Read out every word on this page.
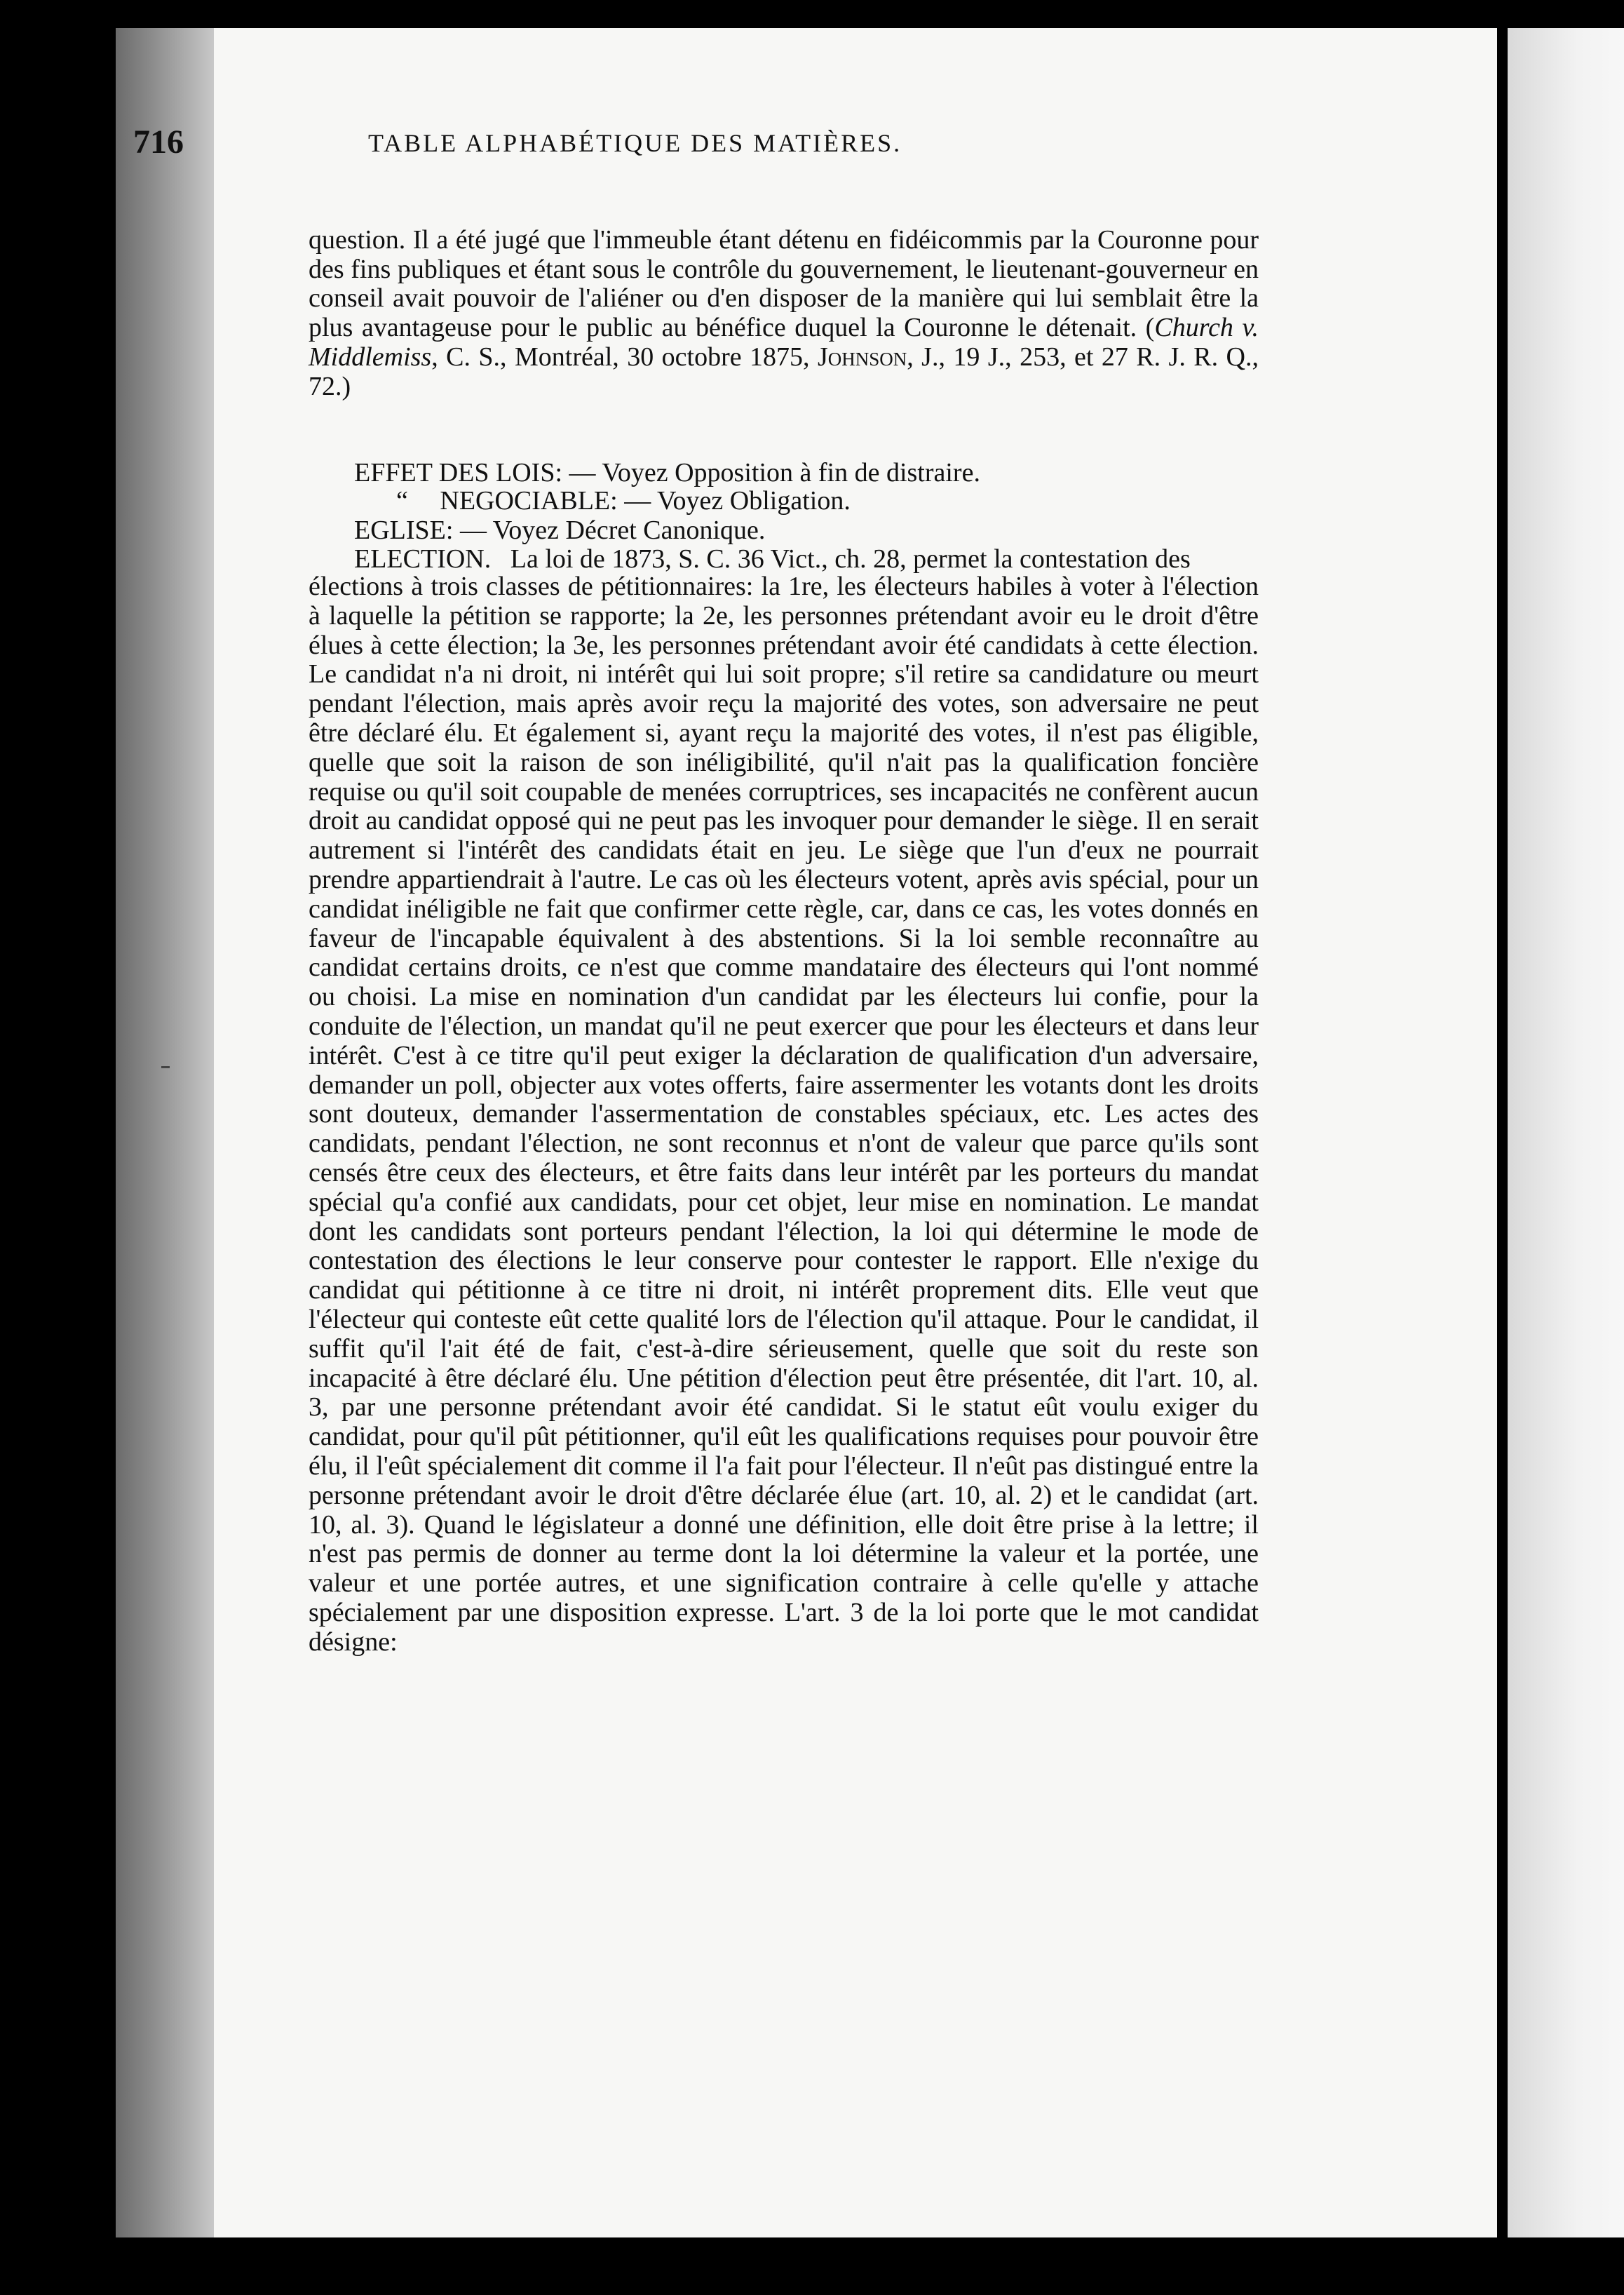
716	TABLE ALPHABÉTIQUE DES MATIÈRES.

question. Il a été jugé que l'immeuble étant détenu en fidéicommis par la Couronne pour des fins publiques et étant sous le contrôle du gouvernement, le lieutenant-gouverneur en conseil avait pouvoir de l'aliéner ou d'en disposer de la manière qui lui semblait être la plus avantageuse pour le public au bénéfice duquel la Couronne le détenait. (Church v. Middlemiss, C. S., Montréal, 30 octobre 1875, Johnson, J., 19 J., 253, et 27 R. J. R. Q., 72.)

EFFET DES LOIS: — Voyez Opposition à fin de distraire.
“ NEGOCIABLE: — Voyez Obligation.
EGLISE: — Voyez Décret Canonique.
ELECTION. La loi de 1873, S. C. 36 Vict., ch. 28, permet la contestation des

élections à trois classes de pétitionnaires: la 1re, les électeurs habiles à voter à l'élection à laquelle la pétition se rapporte; la 2e, les personnes prétendant avoir eu le droit d'être élues à cette élection; la 3e, les personnes prétendant avoir été candidats à cette élection. Le candidat n'a ni droit, ni intérêt qui lui soit propre; s'il retire sa candidature ou meurt pendant l'élection, mais après avoir reçu la majorité des votes, son adversaire ne peut être déclaré élu. Et également si, ayant reçu la majorité des votes, il n'est pas éligible, quelle que soit la raison de son inéligibilité, qu'il n'ait pas la qualification foncière requise ou qu'il soit coupable de menées corruptrices, ses incapacités ne confèrent aucun droit au candidat opposé qui ne peut pas les invoquer pour demander le siège. Il en serait autrement si l'intérêt des candidats était en jeu. Le siège que l'un d'eux ne pourrait prendre appartiendrait à l'autre. Le cas où les électeurs votent, après avis spécial, pour un candidat inéligible ne fait que confirmer cette règle, car, dans ce cas, les votes donnés en faveur de l'incapable équivalent à des abstentions. Si la loi semble reconnaître au candidat certains droits, ce n'est que comme mandataire des électeurs qui l'ont nommé ou choisi. La mise en nomination d'un candidat par les électeurs lui confie, pour la conduite de l'élection, un mandat qu'il ne peut exercer que pour les électeurs et dans leur intérêt. C'est à ce titre qu'il peut exiger la déclaration de qualification d'un adversaire, demander un poll, objecter aux votes offerts, faire assermenter les votants dont les droits sont douteux, demander l'assermentation de constables spéciaux, etc. Les actes des candidats, pendant l'élection, ne sont reconnus et n'ont de valeur que parce qu'ils sont censés être ceux des électeurs, et être faits dans leur intérêt par les porteurs du mandat spécial qu'a confié aux candidats, pour cet objet, leur mise en nomination. Le mandat dont les candidats sont porteurs pendant l'élection, la loi qui détermine le mode de contestation des élections le leur conserve pour contester le rapport. Elle n'exige du candidat qui pétitionne à ce titre ni droit, ni intérêt proprement dits. Elle veut que l'électeur qui conteste eût cette qualité lors de l'élection qu'il attaque. Pour le candidat, il suffit qu'il l'ait été de fait, c'est-à-dire sérieusement, quelle que soit du reste son incapacité à être déclaré élu. Une pétition d'élection peut être présentée, dit l'art. 10, al. 3, par une personne prétendant avoir été candidat. Si le statut eût voulu exiger du candidat, pour qu'il pût pétitionner, qu'il eût les qualifications requises pour pouvoir être élu, il l'eût spécialement dit comme il l'a fait pour l'électeur. Il n'eût pas distingué entre la personne prétendant avoir le droit d'être déclarée élue (art. 10, al. 2) et le candidat (art. 10, al. 3). Quand le législateur a donné une définition, elle doit être prise à la lettre; il n'est pas permis de donner au terme dont la loi détermine la valeur et la portée, une valeur et une portée autres, et une signification contraire à celle qu'elle y attache spécialement par une disposition expresse. L'art. 3 de la loi porte que le mot candidat désigne:
